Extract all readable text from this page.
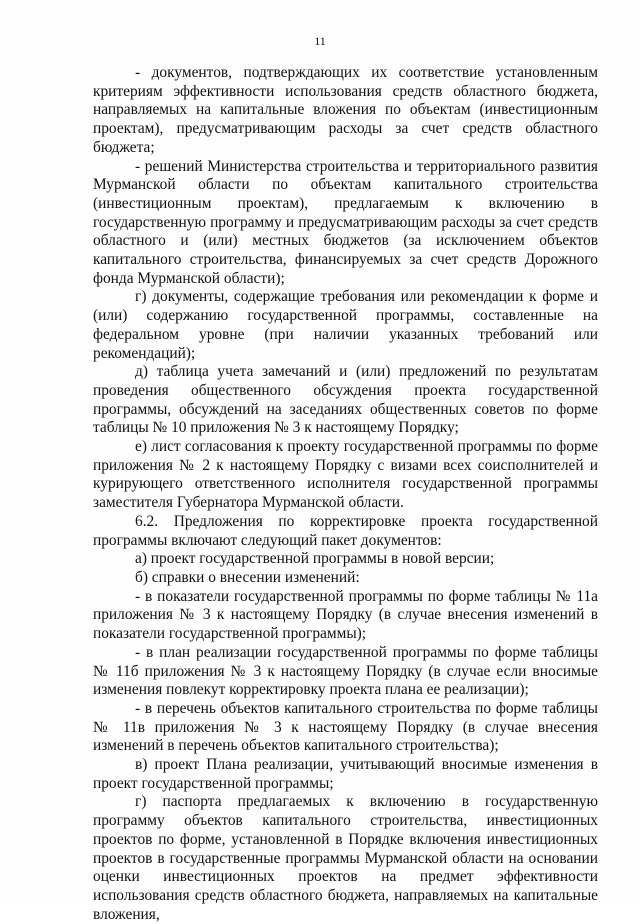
11

- документов, подтверждающих их соответствие установленным критериям эффективности использования средств областного бюджета, направляемых на капитальные вложения по объектам (инвестиционным проектам), предусматривающим расходы за счет средств областного бюджета;

- решений Министерства строительства и территориального развития Мурманской области по объектам капитального строительства (инвестиционным проектам), предлагаемым к включению в государственную программу и предусматривающим расходы за счет средств областного и (или) местных бюджетов (за исключением объектов капитального строительства, финансируемых за счет средств Дорожного фонда Мурманской области);

г) документы, содержащие требования или рекомендации к форме и (или) содержанию государственной программы, составленные на федеральном уровне (при наличии указанных требований или рекомендаций);

д) таблица учета замечаний и (или) предложений по результатам проведения общественного обсуждения проекта государственной программы, обсуждений на заседаниях общественных советов по форме таблицы № 10 приложения № 3 к настоящему Порядку;

е) лист согласования к проекту государственной программы по форме приложения № 2 к настоящему Порядку с визами всех соисполнителей и курирующего ответственного исполнителя государственной программы заместителя Губернатора Мурманской области.

6.2. Предложения по корректировке проекта государственной программы включают следующий пакет документов:

а) проект государственной программы в новой версии;

б) справки о внесении изменений:

- в показатели государственной программы по форме таблицы № 11а приложения № 3 к настоящему Порядку (в случае внесения изменений в показатели государственной программы);

- в план реализации государственной программы по форме таблицы № 11б приложения № 3 к настоящему Порядку (в случае если вносимые изменения повлекут корректировку проекта плана ее реализации);

- в перечень объектов капитального строительства по форме таблицы № 11в приложения № 3 к настоящему Порядку (в случае внесения изменений в перечень объектов капитального строительства);

в) проект Плана реализации, учитывающий вносимые изменения в проект государственной программы;

г) паспорта предлагаемых к включению в государственную программу объектов капитального строительства, инвестиционных проектов по форме, установленной в Порядке включения инвестиционных проектов в государственные программы Мурманской области на основании оценки инвестиционных проектов на предмет эффективности использования средств областного бюджета, направляемых на капитальные вложения,
